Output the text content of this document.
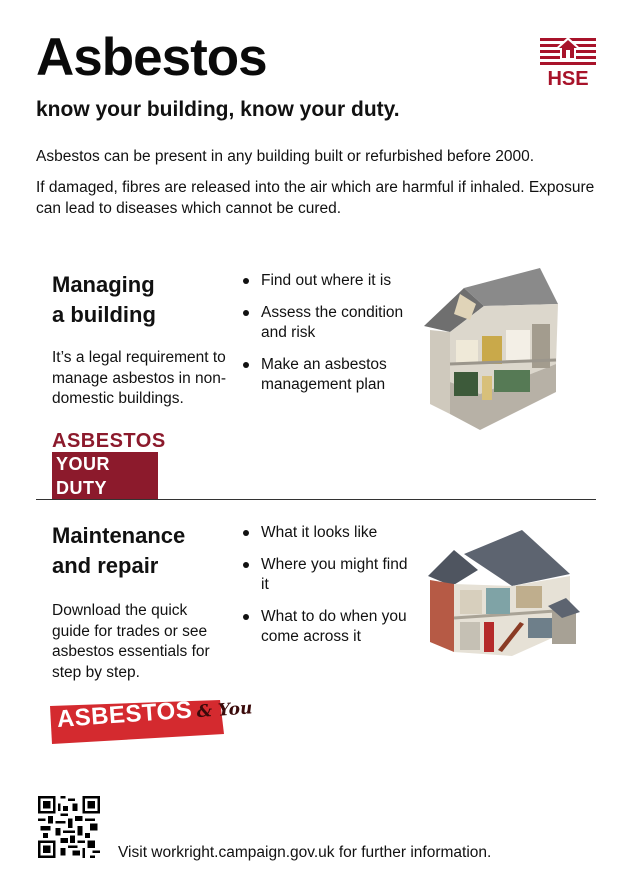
Asbestos	HSE
know your building, know your duty.
Asbestos can be present in any building built or refurbished before 2000.
If damaged, fibres are released into the air which are harmful if inhaled. Exposure can lead to diseases which cannot be cured.
Managing
a building
It’s a legal requirement to manage asbestos in non-domestic buildings.
Find out where it is
Assess the condition and risk
Make an asbestos management plan
ASBESTOS
YOUR DUTY
Maintenance
and repair
Download the quick guide for trades or see asbestos essentials for step by step.
What it looks like
Where you might find it
What to do when you come across it
ASBESTOS & You
Visit workright.campaign.gov.uk for further information.
